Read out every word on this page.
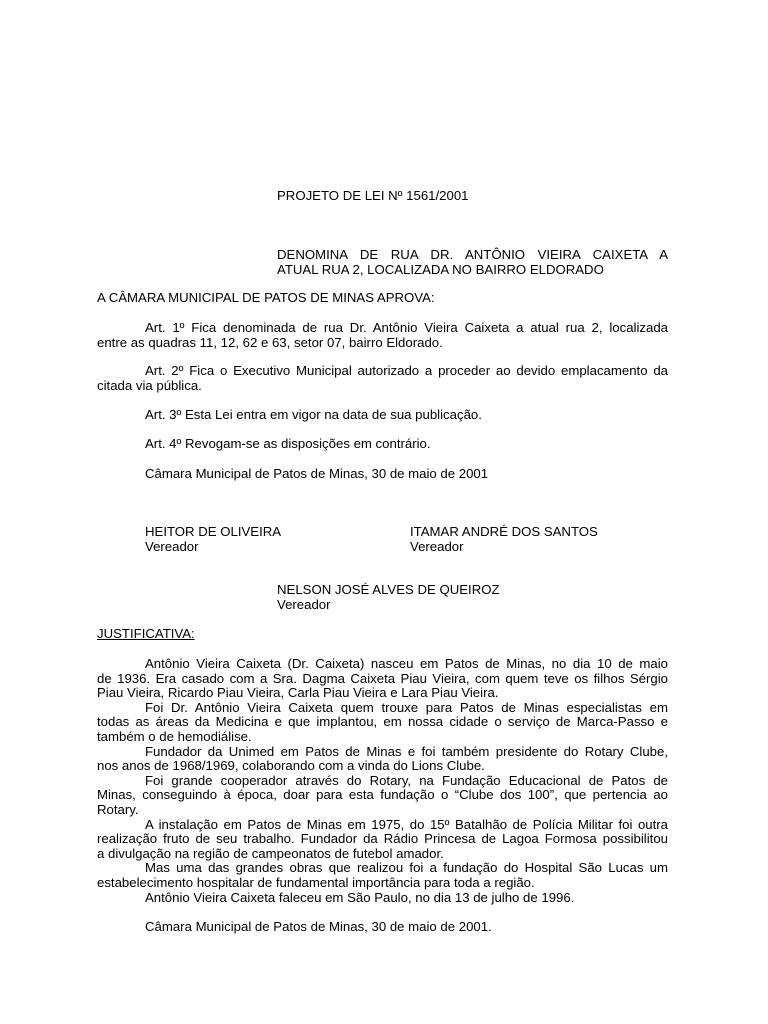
PROJETO DE LEI Nº 1561/2001
DENOMINA DE RUA DR. ANTÔNIO VIEIRA CAIXETA A
ATUAL RUA 2, LOCALIZADA NO BAIRRO ELDORADO
A CÂMARA MUNICIPAL DE PATOS DE MINAS APROVA:
Art. 1º Fica denominada de rua Dr. Antônio Vieira Caixeta a atual rua 2, localizada
entre as quadras 11, 12, 62 e 63, setor 07, bairro Eldorado.
Art. 2º Fica o Executivo Municipal autorizado a proceder ao devido emplacamento da
citada via pública.
Art. 3º Esta Lei entra em vigor na data de sua publicação.
Art. 4º Revogam-se as disposições em contrário.
Câmara Municipal de Patos de Minas, 30 de maio de 2001
HEITOR DE OLIVEIRA
Vereador
ITAMAR ANDRÉ DOS SANTOS
Vereador
NELSON JOSÉ ALVES DE QUEIROZ
Vereador
JUSTIFICATIVA:
Antônio Vieira Caixeta (Dr. Caixeta) nasceu em Patos de Minas, no dia 10 de maio
de 1936. Era casado com a Sra. Dagma Caixeta Piau Vieira, com quem teve os filhos Sérgio
Piau Vieira, Ricardo Piau Vieira, Carla Piau Vieira e Lara Piau Vieira.
Foi Dr. Antônio Vieira Caixeta quem trouxe para Patos de Minas especialistas em
todas as áreas da Medicina e que implantou, em nossa cidade o serviço de Marca-Passo e
também o de hemodiálise.
Fundador da Unimed em Patos de Minas e foi também presidente do Rotary Clube,
nos anos de 1968/1969, colaborando com a vinda do Lions Clube.
Foi grande cooperador através do Rotary, na Fundação Educacional de Patos de
Minas, conseguindo à época, doar para esta fundação o “Clube dos 100”, que pertencia ao
Rotary.
A instalação em Patos de Minas em 1975, do 15º Batalhão de Polícia Militar foi outra
realização fruto de seu trabalho. Fundador da Rádio Princesa de Lagoa Formosa possibilitou
a divulgação na região de campeonatos de futebol amador.
Mas uma das grandes obras que realizou foi a fundação do Hospital São Lucas um
estabelecimento hospitalar de fundamental importância para toda a região.
Antônio Vieira Caixeta faleceu em São Paulo, no dia 13 de julho de 1996.
Câmara Municipal de Patos de Minas, 30 de maio de 2001.
